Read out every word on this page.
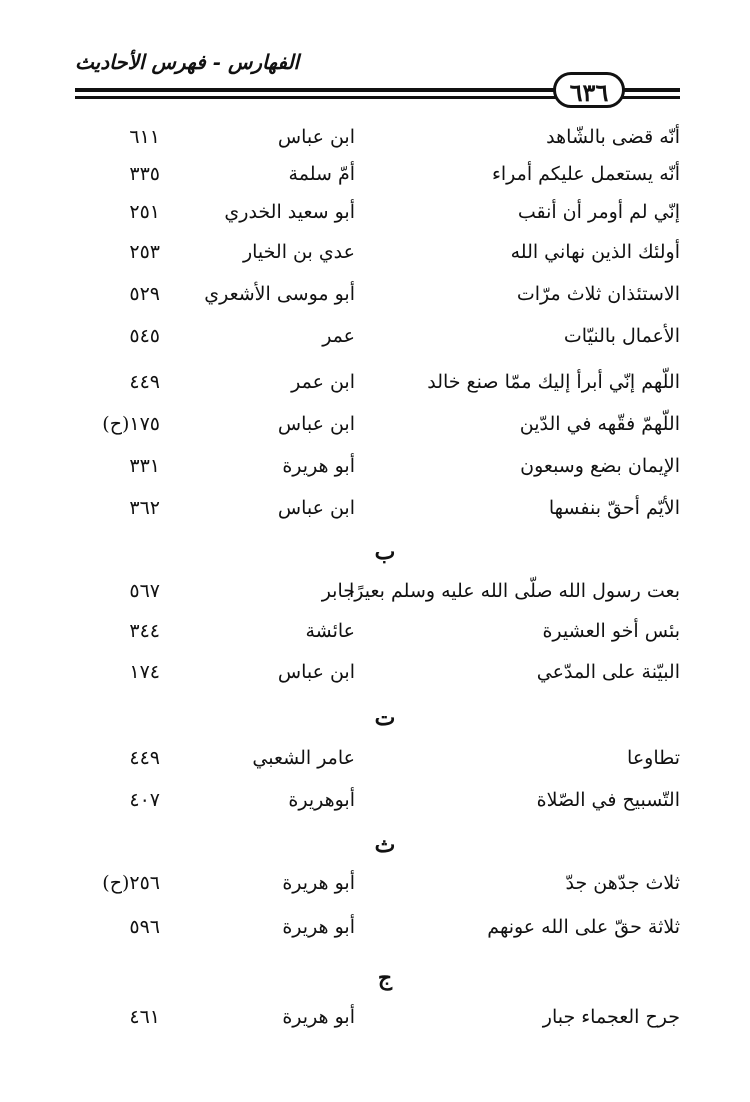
الفهارس - فهرس الأحاديث
٦٣٦
أنّه قضى بالشّاهد
ابن عباس
٦١١
أنّه يستعمل عليكم أمراء
أمّ سلمة
٣٣٥
إنّي لم أومر أن أنقب
أبو سعيد الخدري
٢٥١
أولئك الذين نهاني الله
عدي بن الخيار
٢٥٣
الاستئذان ثلاث مرّات
أبو موسى الأشعري
٥٢٩
الأعمال بالنيّات
عمر
٥٤٥
اللّهم إنّي أبرأ إليك ممّا صنع خالد
ابن عمر
٤٤٩
اللّهمّ فقّهه في الدّين
ابن عباس
١٧٥(ح)
الإيمان بضع وسبعون
أبو هريرة
٣٣١
الأيّم أحقّ بنفسها
ابن عباس
٣٦٢
ب
بعت رسول الله صلّى الله عليه وسلم بعيرًا
جابر
٥٦٧
بئس أخو العشيرة
عائشة
٣٤٤
البيّنة على المدّعي
ابن عباس
١٧٤
ت
تطاوعا
عامر الشعبي
٤٤٩
التّسبيح في الصّلاة
أبوهريرة
٤٠٧
ث
ثلاث جدّهن جدّ
أبو هريرة
٢٥٦(ح)
ثلاثة حقّ على الله عونهم
أبو هريرة
٥٩٦
ج
جرح العجماء جبار
أبو هريرة
٤٦١
